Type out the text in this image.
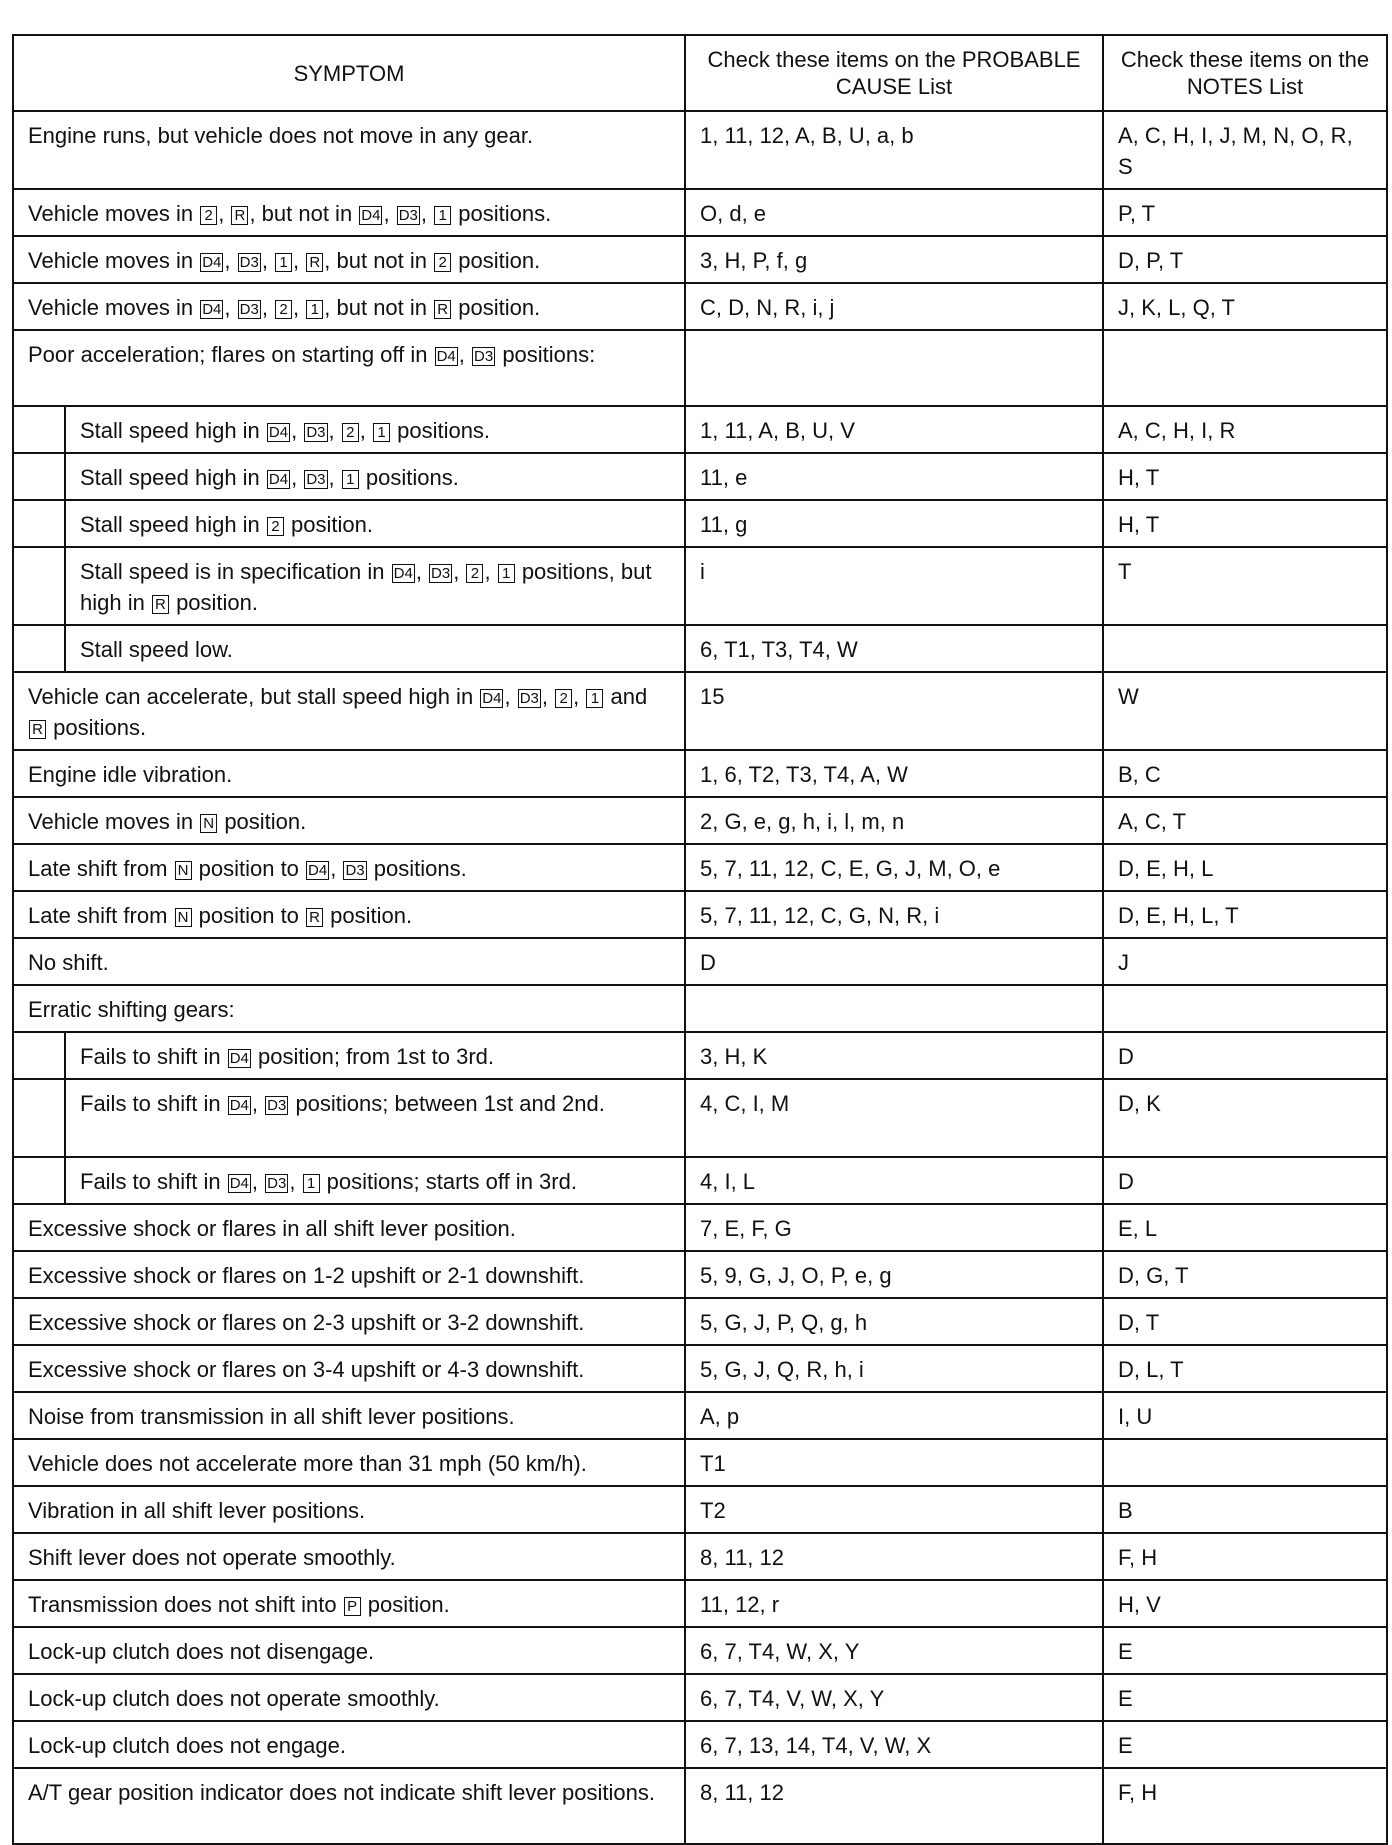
SYMPTOM	Check these items on the PROBABLE CAUSE List	Check these items on the NOTES List
Engine runs, but vehicle does not move in any gear.	1, 11, 12, A, B, U, a, b	A, C, H, I, J, M, N, O, R, S
Vehicle moves in 2 , R , but not in D4 , D3 , 1 positions.	O, d, e	P, T
Vehicle moves in D4 , D3 , 1 , R , but not in 2 position.	3, H, P, f, g	D, P, T
Vehicle moves in D4 , D3 , 2 , 1 , but not in R position.	C, D, N, R, i, j	J, K, L, Q, T
Poor acceleration; flares on starting off in D4 , D3 positions:		

Stall speed high in D4 , D3 , 2 , 1 positions.	1, 11, A, B, U, V	A, C, H, I, R

Stall speed high in D4 , D3 , 1 positions.	11, e	H, T

Stall speed high in 2 position.	11, g	H, T

Stall speed is in specification in D4 , D3 , 2 , 1 positions, but high in R position.	i	T

Stall speed low.	6, T1, T3, T4, W	
Vehicle can accelerate, but stall speed high in D4 , D3 , 2 , 1 and R positions.	15	W
Engine idle vibration.	1, 6, T2, T3, T4, A, W	B, C
Vehicle moves in N position.	2, G, e, g, h, i, l, m, n	A, C, T
Late shift from N position to D4 , D3 positions.	5, 7, 11, 12, C, E, G, J, M, O, e	D, E, H, L
Late shift from N position to R position.	5, 7, 11, 12, C, G, N, R, i	D, E, H, L, T
No shift.	D	J
Erratic shifting gears:		

Fails to shift in D4 position; from 1st to 3rd.	3, H, K	D

Fails to shift in D4 , D3 positions; between 1st and 2nd.	4, C, I, M	D, K

Fails to shift in D4 , D3 , 1 positions; starts off in 3rd.	4, I, L	D
Excessive shock or flares in all shift lever position.	7, E, F, G	E, L
Excessive shock or flares on 1-2 upshift or 2-1 downshift.	5, 9, G, J, O, P, e, g	D, G, T
Excessive shock or flares on 2-3 upshift or 3-2 downshift.	5, G, J, P, Q, g, h	D, T
Excessive shock or flares on 3-4 upshift or 4-3 downshift.	5, G, J, Q, R, h, i	D, L, T
Noise from transmission in all shift lever positions.	A, p	I, U
Vehicle does not accelerate more than 31 mph (50 km/h).	T1	
Vibration in all shift lever positions.	T2	B
Shift lever does not operate smoothly.	8, 11, 12	F, H
Transmission does not shift into P position.	11, 12, r	H, V
Lock-up clutch does not disengage.	6, 7, T4, W, X, Y	E
Lock-up clutch does not operate smoothly.	6, 7, T4, V, W, X, Y	E
Lock-up clutch does not engage.	6, 7, 13, 14, T4, V, W, X	E
A/T gear position indicator does not indicate shift lever positions.	8, 11, 12	F, H
